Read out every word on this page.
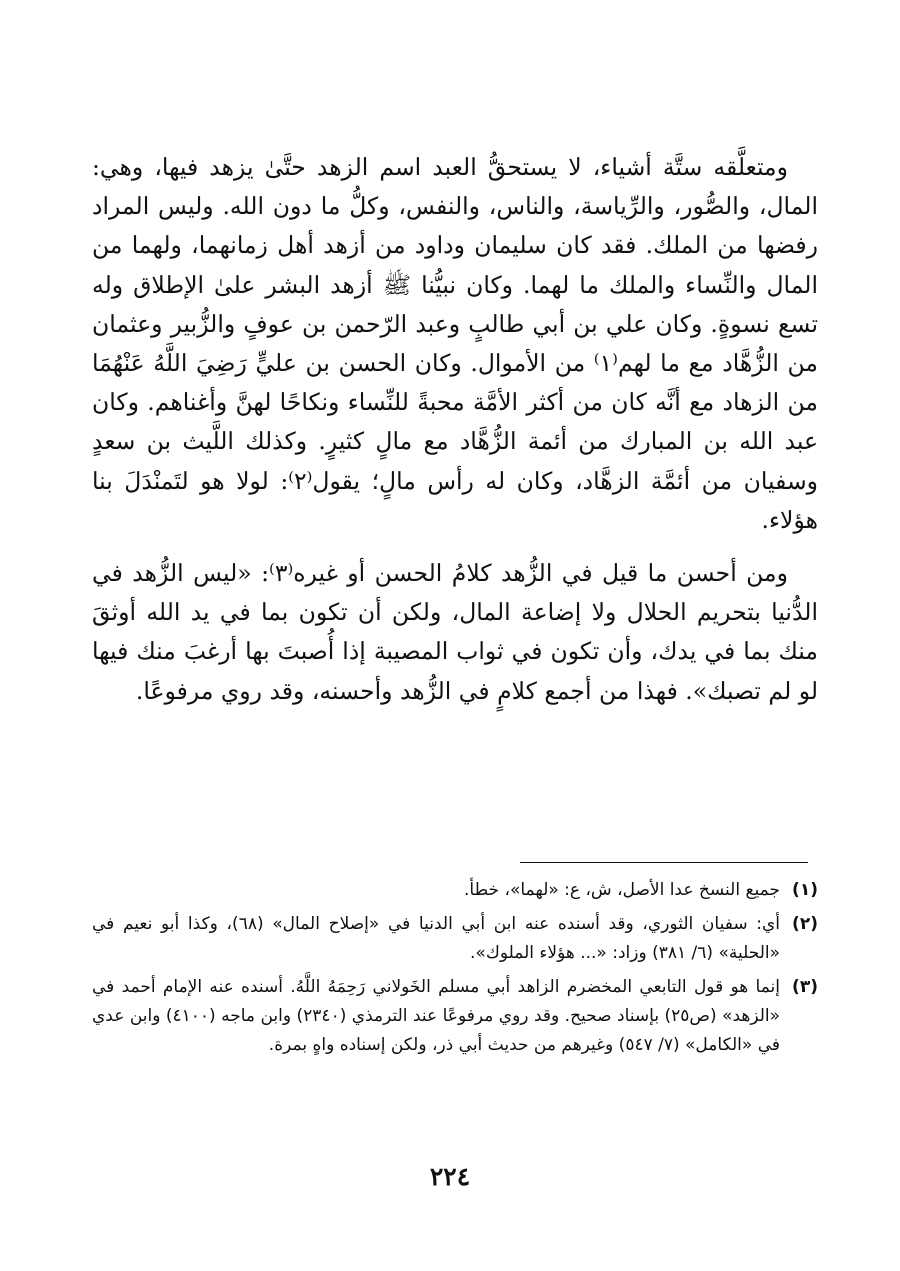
ومتعلَّقه ستَّة أشياء، لا يستحقُّ العبد اسم الزهد حتَّىٰ يزهد فيها، وهي: المال، والصُّور، والرِّياسة، والناس، والنفس، وكلُّ ما دون الله. وليس المراد رفضها من الملك. فقد كان سليمان وداود من أزهد أهل زمانهما، ولهما من المال والنِّساء والملك ما لهما. وكان نبيُّنا ﷺ أزهد البشر علىٰ الإطلاق وله تسع نسوةٍ. وكان علي بن أبي طالبٍ وعبد الرّحمن بن عوفٍ والزُّبير وعثمان من الزُّهَّاد مع ما لهم⁽١⁾ من الأموال. وكان الحسن بن عليٍّ رَضِيَ اللَّهُ عَنْهُمَا من الزهاد مع أنَّه كان من أكثر الأمَّة محبةً للنِّساء ونكاحًا لهنَّ وأغناهم. وكان عبد الله بن المبارك من أئمة الزُّهَّاد مع مالٍ كثيرٍ. وكذلك اللَّيث بن سعدٍ وسفيان من أئمَّة الزهَّاد، وكان له رأس مالٍ؛ يقول⁽٢⁾: لولا هو لتَمنْدَلَ بنا هؤلاء.

ومن أحسن ما قيل في الزُّهد كلامُ الحسن أو غيره⁽٣⁾: «ليس الزُّهد في الدُّنيا بتحريم الحلال ولا إضاعة المال، ولكن أن تكون بما في يد الله أوثقَ منك بما في يدك، وأن تكون في ثواب المصيبة إذا أُصبتَ بها أرغبَ منك فيها لو لم تصبك». فهذا من أجمع كلامٍ في الزُّهد وأحسنه، وقد روي مرفوعًا.

(١)
جميع النسخ عدا الأصل، ش، ع: «لهما»، خطأ.
(٢)
أي: سفيان الثوري، وقد أسنده عنه ابن أبي الدنيا في «إصلاح المال» (٦٨)، وكذا أبو نعيم في «الحلية» (٦/ ٣٨١) وزاد: «... هؤلاء الملوك».
(٣)
إنما هو قول التابعي المخضرم الزاهد أبي مسلم الخَولاني رَحِمَهُ اللَّهُ. أسنده عنه الإمام أحمد في «الزهد» (ص٢٥) بإسناد صحيح. وقد روي مرفوعًا عند الترمذي (٢٣٤٠) وابن ماجه (٤١٠٠) وابن عدي في «الكامل» (٧/ ٥٤٧) وغيرهم من حديث أبي ذر، ولكن إسناده واهٍ بمرة.
٢٢٤
